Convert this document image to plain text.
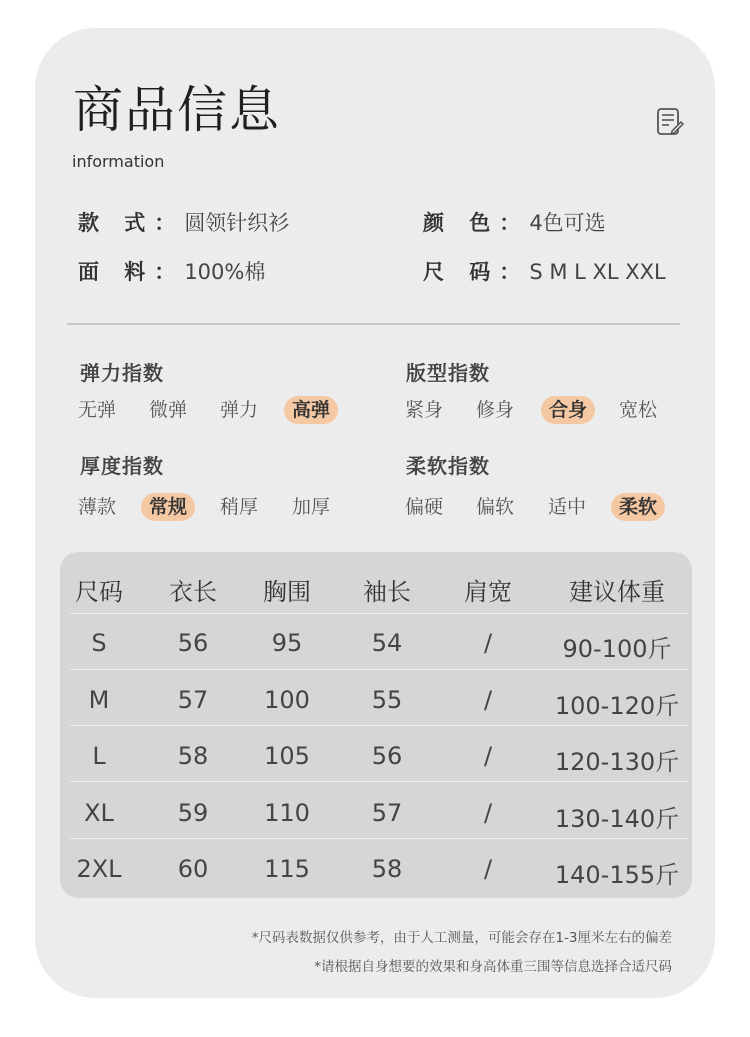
商品信息
information
款 式：圆领针织衫	颜 色：4色可选
面 料：100%棉	尺 码：S M L XL XXL
弹力指数
无弹 微弹 弹力	高弹
版型指数
紧身 修身	合身	宽松
厚度指数
薄款	常规	稍厚 加厚
柔软指数
偏硬 偏软 适中	柔软
尺码 衣长 胸围 袖长 肩宽 建议体重
S	56	95	54	/	90-100斤
M	57 100	55	/	100-120斤
L	58 105	56	/	120-130斤
XL	59 110	57	/	130-140斤
2XL 60 115	58	/	140-155斤
*尺码表数据仅供参考，由于人工测量，可能会存在1-3厘米左右的偏差
*请根据自身想要的效果和身高体重三围等信息选择合适尺码
